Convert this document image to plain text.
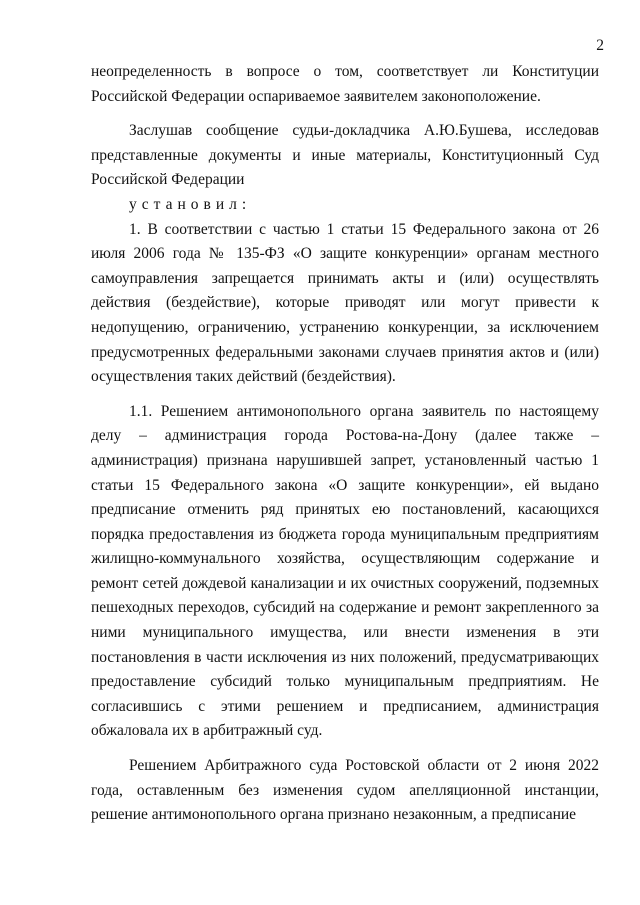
2

неопределенность в вопросе о том, соответствует ли Конституции Российской Федерации оспариваемое заявителем законоположение.

Заслушав сообщение судьи-докладчика А.Ю.Бушева, исследовав представленные документы и иные материалы, Конституционный Суд Российской Федерации

установил:

1. В соответствии с частью 1 статьи 15 Федерального закона от 26 июля 2006 года № 135-ФЗ «О защите конкуренции» органам местного самоуправления запрещается принимать акты и (или) осуществлять действия (бездействие), которые приводят или могут привести к недопущению, ограничению, устранению конкуренции, за исключением предусмотренных федеральными законами случаев принятия актов и (или) осуществления таких действий (бездействия).

1.1. Решением антимонопольного органа заявитель по настоящему делу – администрация города Ростова-на-Дону (далее также – администрация) признана нарушившей запрет, установленный частью 1 статьи 15 Федерального закона «О защите конкуренции», ей выдано предписание отменить ряд принятых ею постановлений, касающихся порядка предоставления из бюджета города муниципальным предприятиям жилищно-коммунального хозяйства, осуществляющим содержание и ремонт сетей дождевой канализации и их очистных сооружений, подземных пешеходных переходов, субсидий на содержание и ремонт закрепленного за ними муниципального имущества, или внести изменения в эти постановления в части исключения из них положений, предусматривающих предоставление субсидий только муниципальным предприятиям. Не согласившись с этими решением и предписанием, администрация обжаловала их в арбитражный суд.

Решением Арбитражного суда Ростовской области от 2 июня 2022 года, оставленным без изменения судом апелляционной инстанции, решение антимонопольного органа признано незаконным, а предписание
